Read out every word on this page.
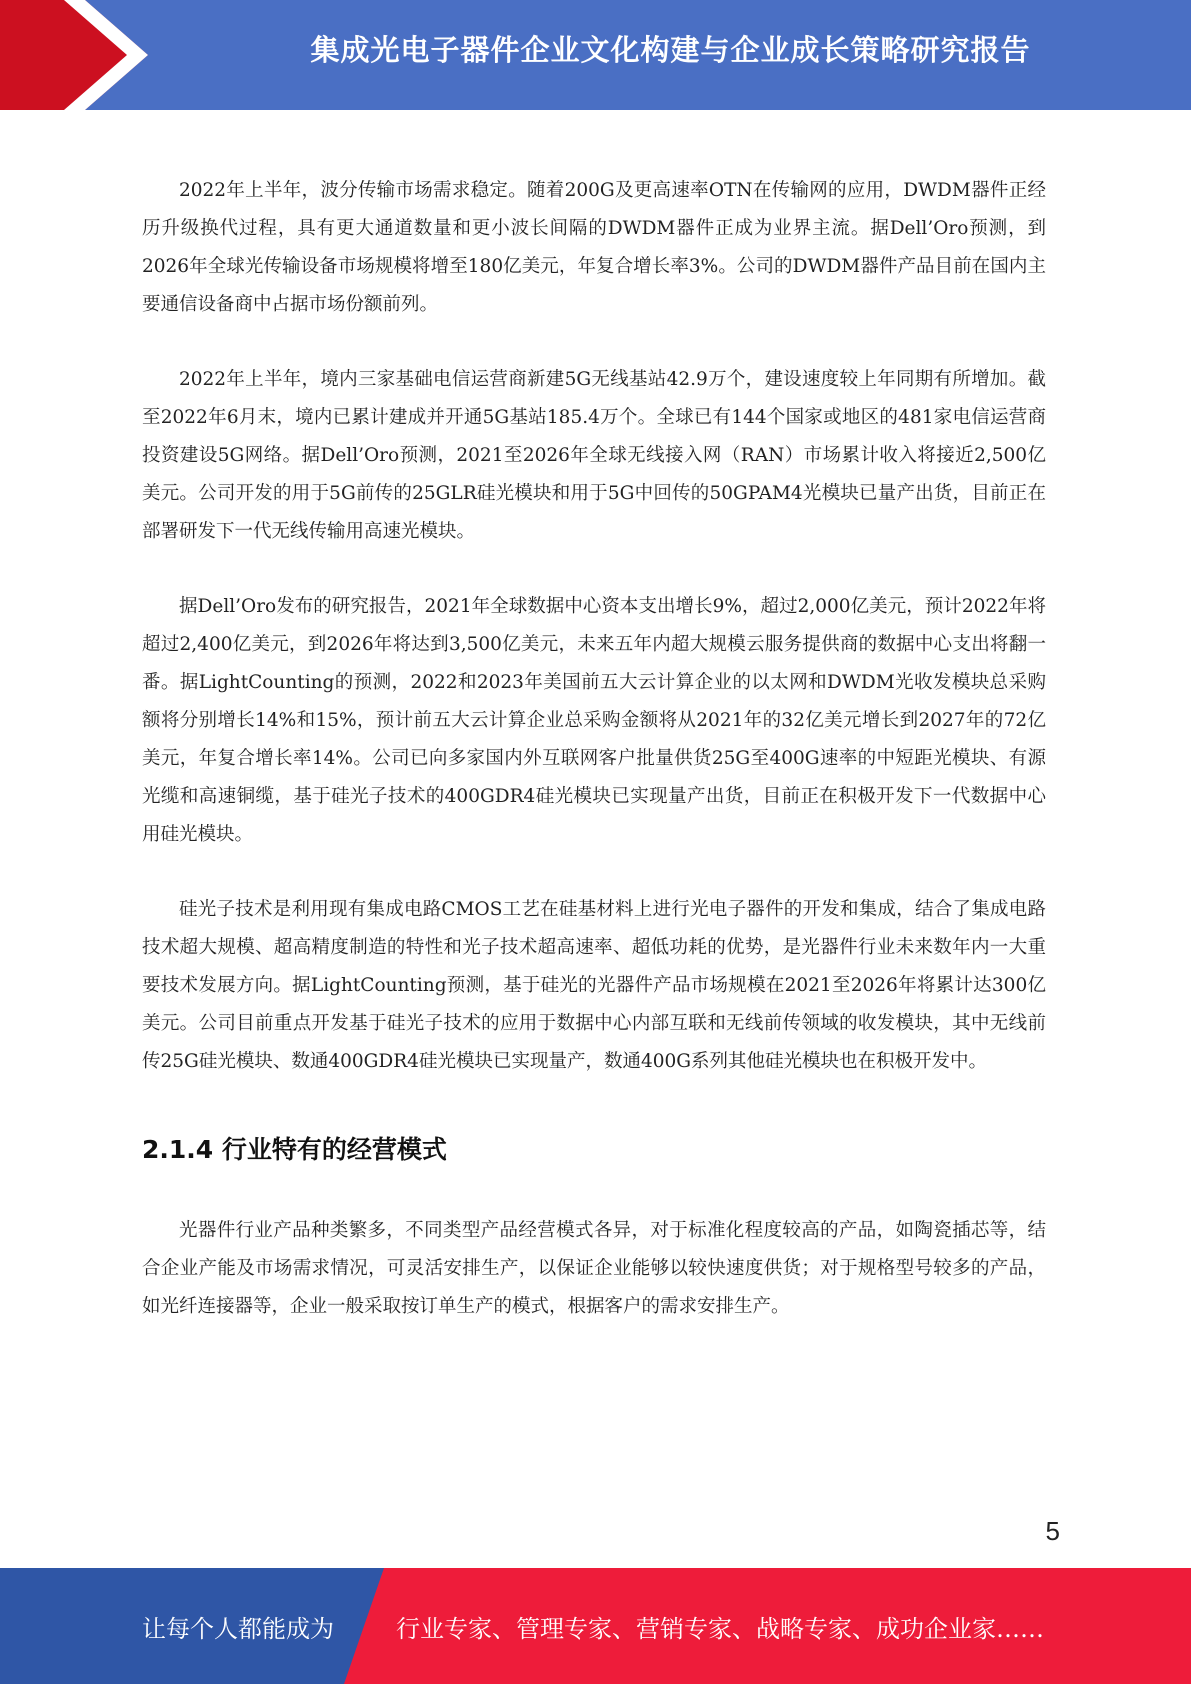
集成光电子器件企业文化构建与企业成长策略研究报告

2022年上半年，波分传输市场需求稳定。随着200G及更高速率OTN在传输网的应用，DWDM器件正经历升级换代过程，具有更大通道数量和更小波长间隔的DWDM器件正成为业界主流。据Dell’Oro预测，到2026年全球光传输设备市场规模将增至180亿美元，年复合增长率3%。公司的DWDM器件产品目前在国内主要通信设备商中占据市场份额前列。

2022年上半年，境内三家基础电信运营商新建5G无线基站42.9万个，建设速度较上年同期有所增加。截至2022年6月末，境内已累计建成并开通5G基站185.4万个。全球已有144个国家或地区的481家电信运营商投资建设5G网络。据Dell’Oro预测，2021至2026年全球无线接入网（RAN）市场累计收入将接近2,500亿美元。公司开发的用于5G前传的25GLR硅光模块和用于5G中回传的50GPAM4光模块已量产出货，目前正在部署研发下一代无线传输用高速光模块。

据Dell’Oro发布的研究报告，2021年全球数据中心资本支出增长9%，超过2,000亿美元，预计2022年将超过2,400亿美元，到2026年将达到3,500亿美元，未来五年内超大规模云服务提供商的数据中心支出将翻一番。据LightCounting的预测，2022和2023年美国前五大云计算企业的以太网和DWDM光收发模块总采购额将分别增长14%和15%，预计前五大云计算企业总采购金额将从2021年的32亿美元增长到2027年的72亿美元，年复合增长率14%。公司已向多家国内外互联网客户批量供货25G至400G速率的中短距光模块、有源光缆和高速铜缆，基于硅光子技术的400GDR4硅光模块已实现量产出货，目前正在积极开发下一代数据中心用硅光模块。

硅光子技术是利用现有集成电路CMOS工艺在硅基材料上进行光电子器件的开发和集成，结合了集成电路技术超大规模、超高精度制造的特性和光子技术超高速率、超低功耗的优势，是光器件行业未来数年内一大重要技术发展方向。据LightCounting预测，基于硅光的光器件产品市场规模在2021至2026年将累计达300亿美元。公司目前重点开发基于硅光子技术的应用于数据中心内部互联和无线前传领域的收发模块，其中无线前传25G硅光模块、数通400GDR4硅光模块已实现量产，数通400G系列其他硅光模块也在积极开发中。

2.1.4 行业特有的经营模式

光器件行业产品种类繁多，不同类型产品经营模式各异，对于标准化程度较高的产品，如陶瓷插芯等，结合企业产能及市场需求情况，可灵活安排生产，以保证企业能够以较快速度供货；对于规格型号较多的产品，如光纤连接器等，企业一般采取按订单生产的模式，根据客户的需求安排生产。

5
让每个人都能成为	行业专家、管理专家、营销专家、战略专家、成功企业家……
